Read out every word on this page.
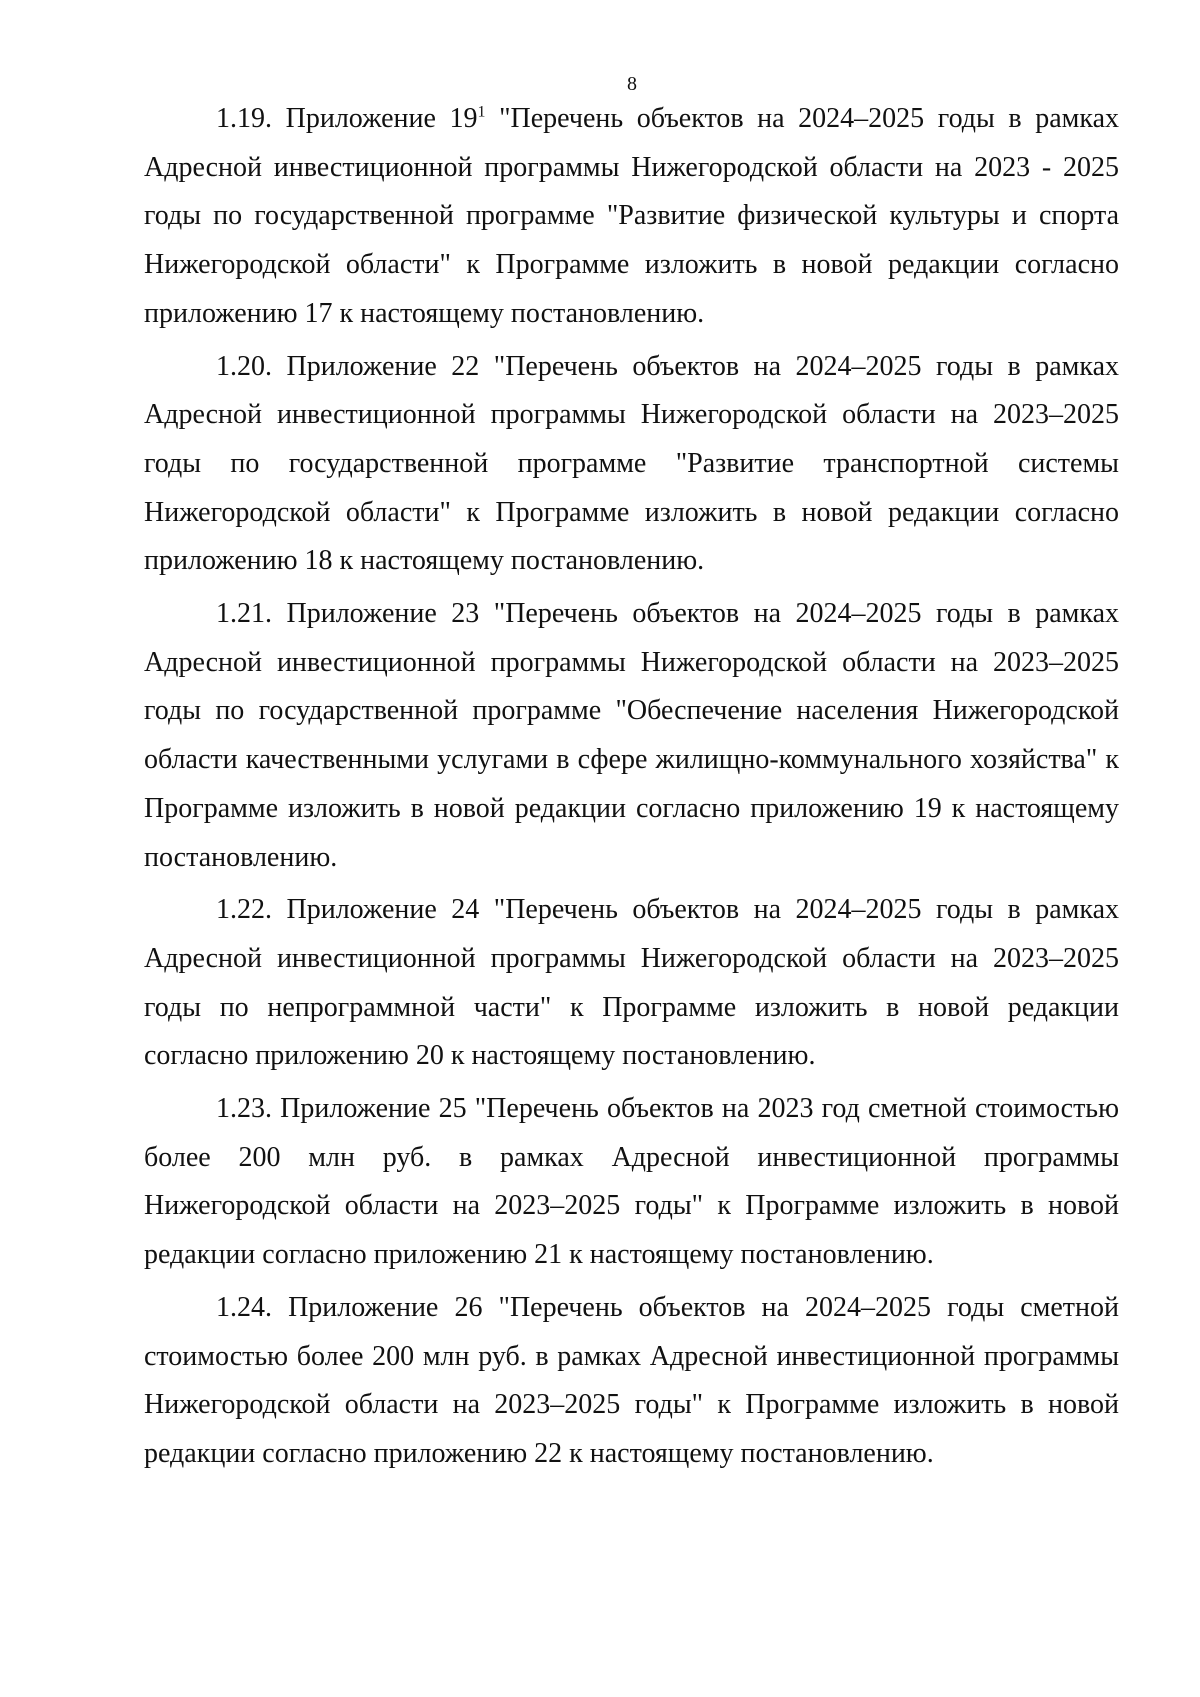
8

1.19. Приложение $19^1$ "Перечень объектов на 2024–2025 годы в рамках Адресной инвестиционной программы Нижегородской области на 2023 - 2025 годы по государственной программе "Развитие физической культуры и спорта Нижегородской области" к Программе изложить в новой редакции согласно приложению 17 к настоящему постановлению.

1.20. Приложение 22 "Перечень объектов на 2024–2025 годы в рамках Адресной инвестиционной программы Нижегородской области на 2023–2025 годы по государственной программе "Развитие транспортной системы Нижегородской области" к Программе изложить в новой редакции согласно приложению 18 к настоящему постановлению.

1.21. Приложение 23 "Перечень объектов на 2024–2025 годы в рамках Адресной инвестиционной программы Нижегородской области на 2023–2025 годы по государственной программе "Обеспечение населения Нижегородской области качественными услугами в сфере жилищно-коммунального хозяйства" к Программе изложить в новой редакции согласно приложению 19 к настоящему постановлению.

1.22. Приложение 24 "Перечень объектов на 2024–2025 годы в рамках Адресной инвестиционной программы Нижегородской области на 2023–2025 годы по непрограммной части" к Программе изложить в новой редакции согласно приложению 20 к настоящему постановлению.

1.23. Приложение 25 "Перечень объектов на 2023 год сметной стоимостью более 200 млн руб. в рамках Адресной инвестиционной программы Нижегородской области на 2023–2025 годы" к Программе изложить в новой редакции согласно приложению 21 к настоящему постановлению.

1.24. Приложение 26 "Перечень объектов на 2024–2025 годы сметной стоимостью более 200 млн руб. в рамках Адресной инвестиционной программы Нижегородской области на 2023–2025 годы" к Программе изложить в новой редакции согласно приложению 22 к настоящему постановлению.
